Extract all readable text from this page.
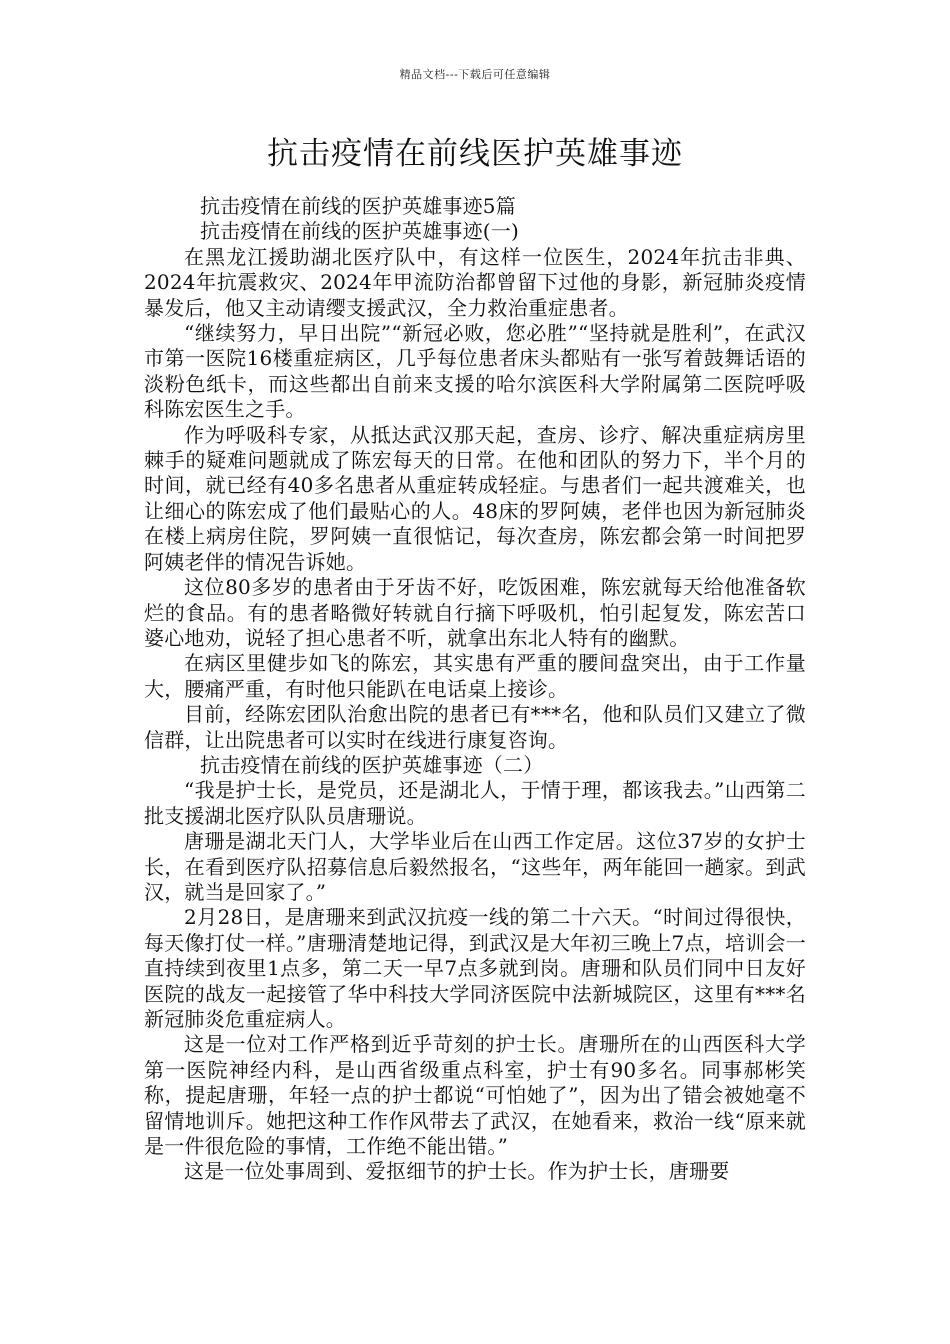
精品文档---下载后可任意编辑
抗击疫情在前线医护英雄事迹

抗击疫情在前线的医护英雄事迹5篇

抗击疫情在前线的医护英雄事迹(一)

在黑龙江援助湖北医疗队中，有这样一位医生，2024年抗击非典、2024年抗震救灾、2024年甲流防治都曾留下过他的身影，新冠肺炎疫情暴发后，他又主动请缨支援武汉，全力救治重症患者。

“继续努力，早日出院”“新冠必败，您必胜”“坚持就是胜利”，在武汉市第一医院16楼重症病区，几乎每位患者床头都贴有一张写着鼓舞话语的淡粉色纸卡，而这些都出自前来支援的哈尔滨医科大学附属第二医院呼吸科陈宏医生之手。

作为呼吸科专家，从抵达武汉那天起，查房、诊疗、解决重症病房里棘手的疑难问题就成了陈宏每天的日常。在他和团队的努力下，半个月的时间，就已经有40多名患者从重症转成轻症。与患者们一起共渡难关，也让细心的陈宏成了他们最贴心的人。48床的罗阿姨，老伴也因为新冠肺炎在楼上病房住院，罗阿姨一直很惦记，每次查房，陈宏都会第一时间把罗阿姨老伴的情况告诉她。

这位80多岁的患者由于牙齿不好，吃饭困难，陈宏就每天给他准备软烂的食品。有的患者略微好转就自行摘下呼吸机，怕引起复发，陈宏苦口婆心地劝，说轻了担心患者不听，就拿出东北人特有的幽默。

在病区里健步如飞的陈宏，其实患有严重的腰间盘突出，由于工作量大，腰痛严重，有时他只能趴在电话桌上接诊。

目前，经陈宏团队治愈出院的患者已有***名，他和队员们又建立了微信群，让出院患者可以实时在线进行康复咨询。

抗击疫情在前线的医护英雄事迹（二）

“我是护士长，是党员，还是湖北人，于情于理，都该我去。”山西第二批支援湖北医疗队队员唐珊说。

唐珊是湖北天门人，大学毕业后在山西工作定居。这位37岁的女护士长，在看到医疗队招募信息后毅然报名，“这些年，两年能回一趟家。到武汉，就当是回家了。”

2月28日，是唐珊来到武汉抗疫一线的第二十六天。“时间过得很快，每天像打仗一样。”唐珊清楚地记得，到武汉是大年初三晚上7点，培训会一直持续到夜里1点多，第二天一早7点多就到岗。唐珊和队员们同中日友好医院的战友一起接管了华中科技大学同济医院中法新城院区，这里有***名新冠肺炎危重症病人。

这是一位对工作严格到近乎苛刻的护士长。唐珊所在的山西医科大学第一医院神经内科，是山西省级重点科室，护士有90多名。同事郝彬笑称，提起唐珊，年轻一点的护士都说“可怕她了”，因为出了错会被她毫不留情地训斥。她把这种工作作风带去了武汉，在她看来，救治一线“原来就是一件很危险的事情，工作绝不能出错。”

这是一位处事周到、爱抠细节的护士长。作为护士长，唐珊要
